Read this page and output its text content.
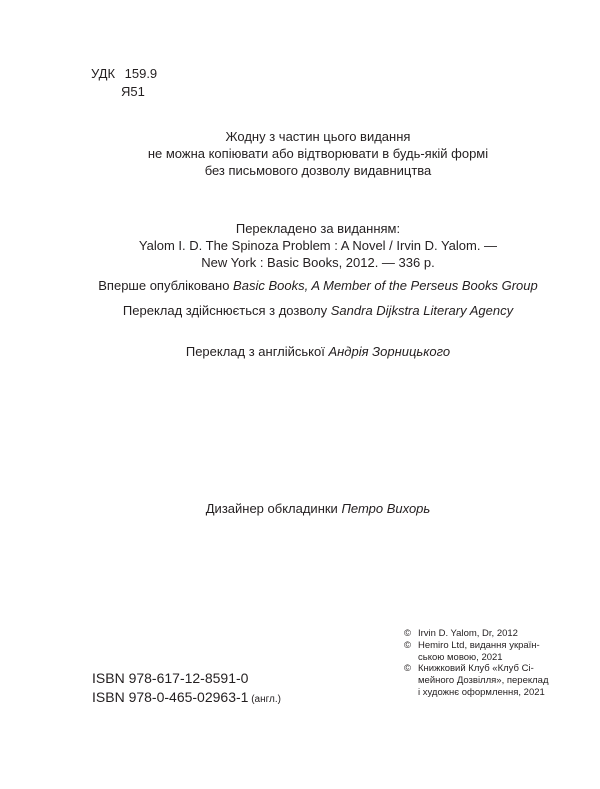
УДК 159.9
Я51
Жодну з частин цього видання
не можна копіювати або відтворювати в будь-якій формі
без письмового дозволу видавництва
Перекладено за виданням:
Yalom I. D. The Spinoza Problem : A Novel / Irvin D. Yalom. —
New York : Basic Books, 2012. — 336 p.
Вперше опубліковано Basic Books, A Member of the Perseus Books Group
Переклад здійснюється з дозволу Sandra Dijkstra Literary Agency
Переклад з англійської Андрія Зорницького
Дизайнер обкладинки Петро Вихорь
ISBN 978-617-12-8591-0
ISBN 978-0-465-02963-1 (англ.)
© Irvin D. Yalom, Dr, 2012
© Hemiro Ltd, видання україн-
ською мовою, 2021
© Книжковий Клуб «Клуб Сі-
мейного Дозвілля», переклад
і художнє оформлення, 2021
